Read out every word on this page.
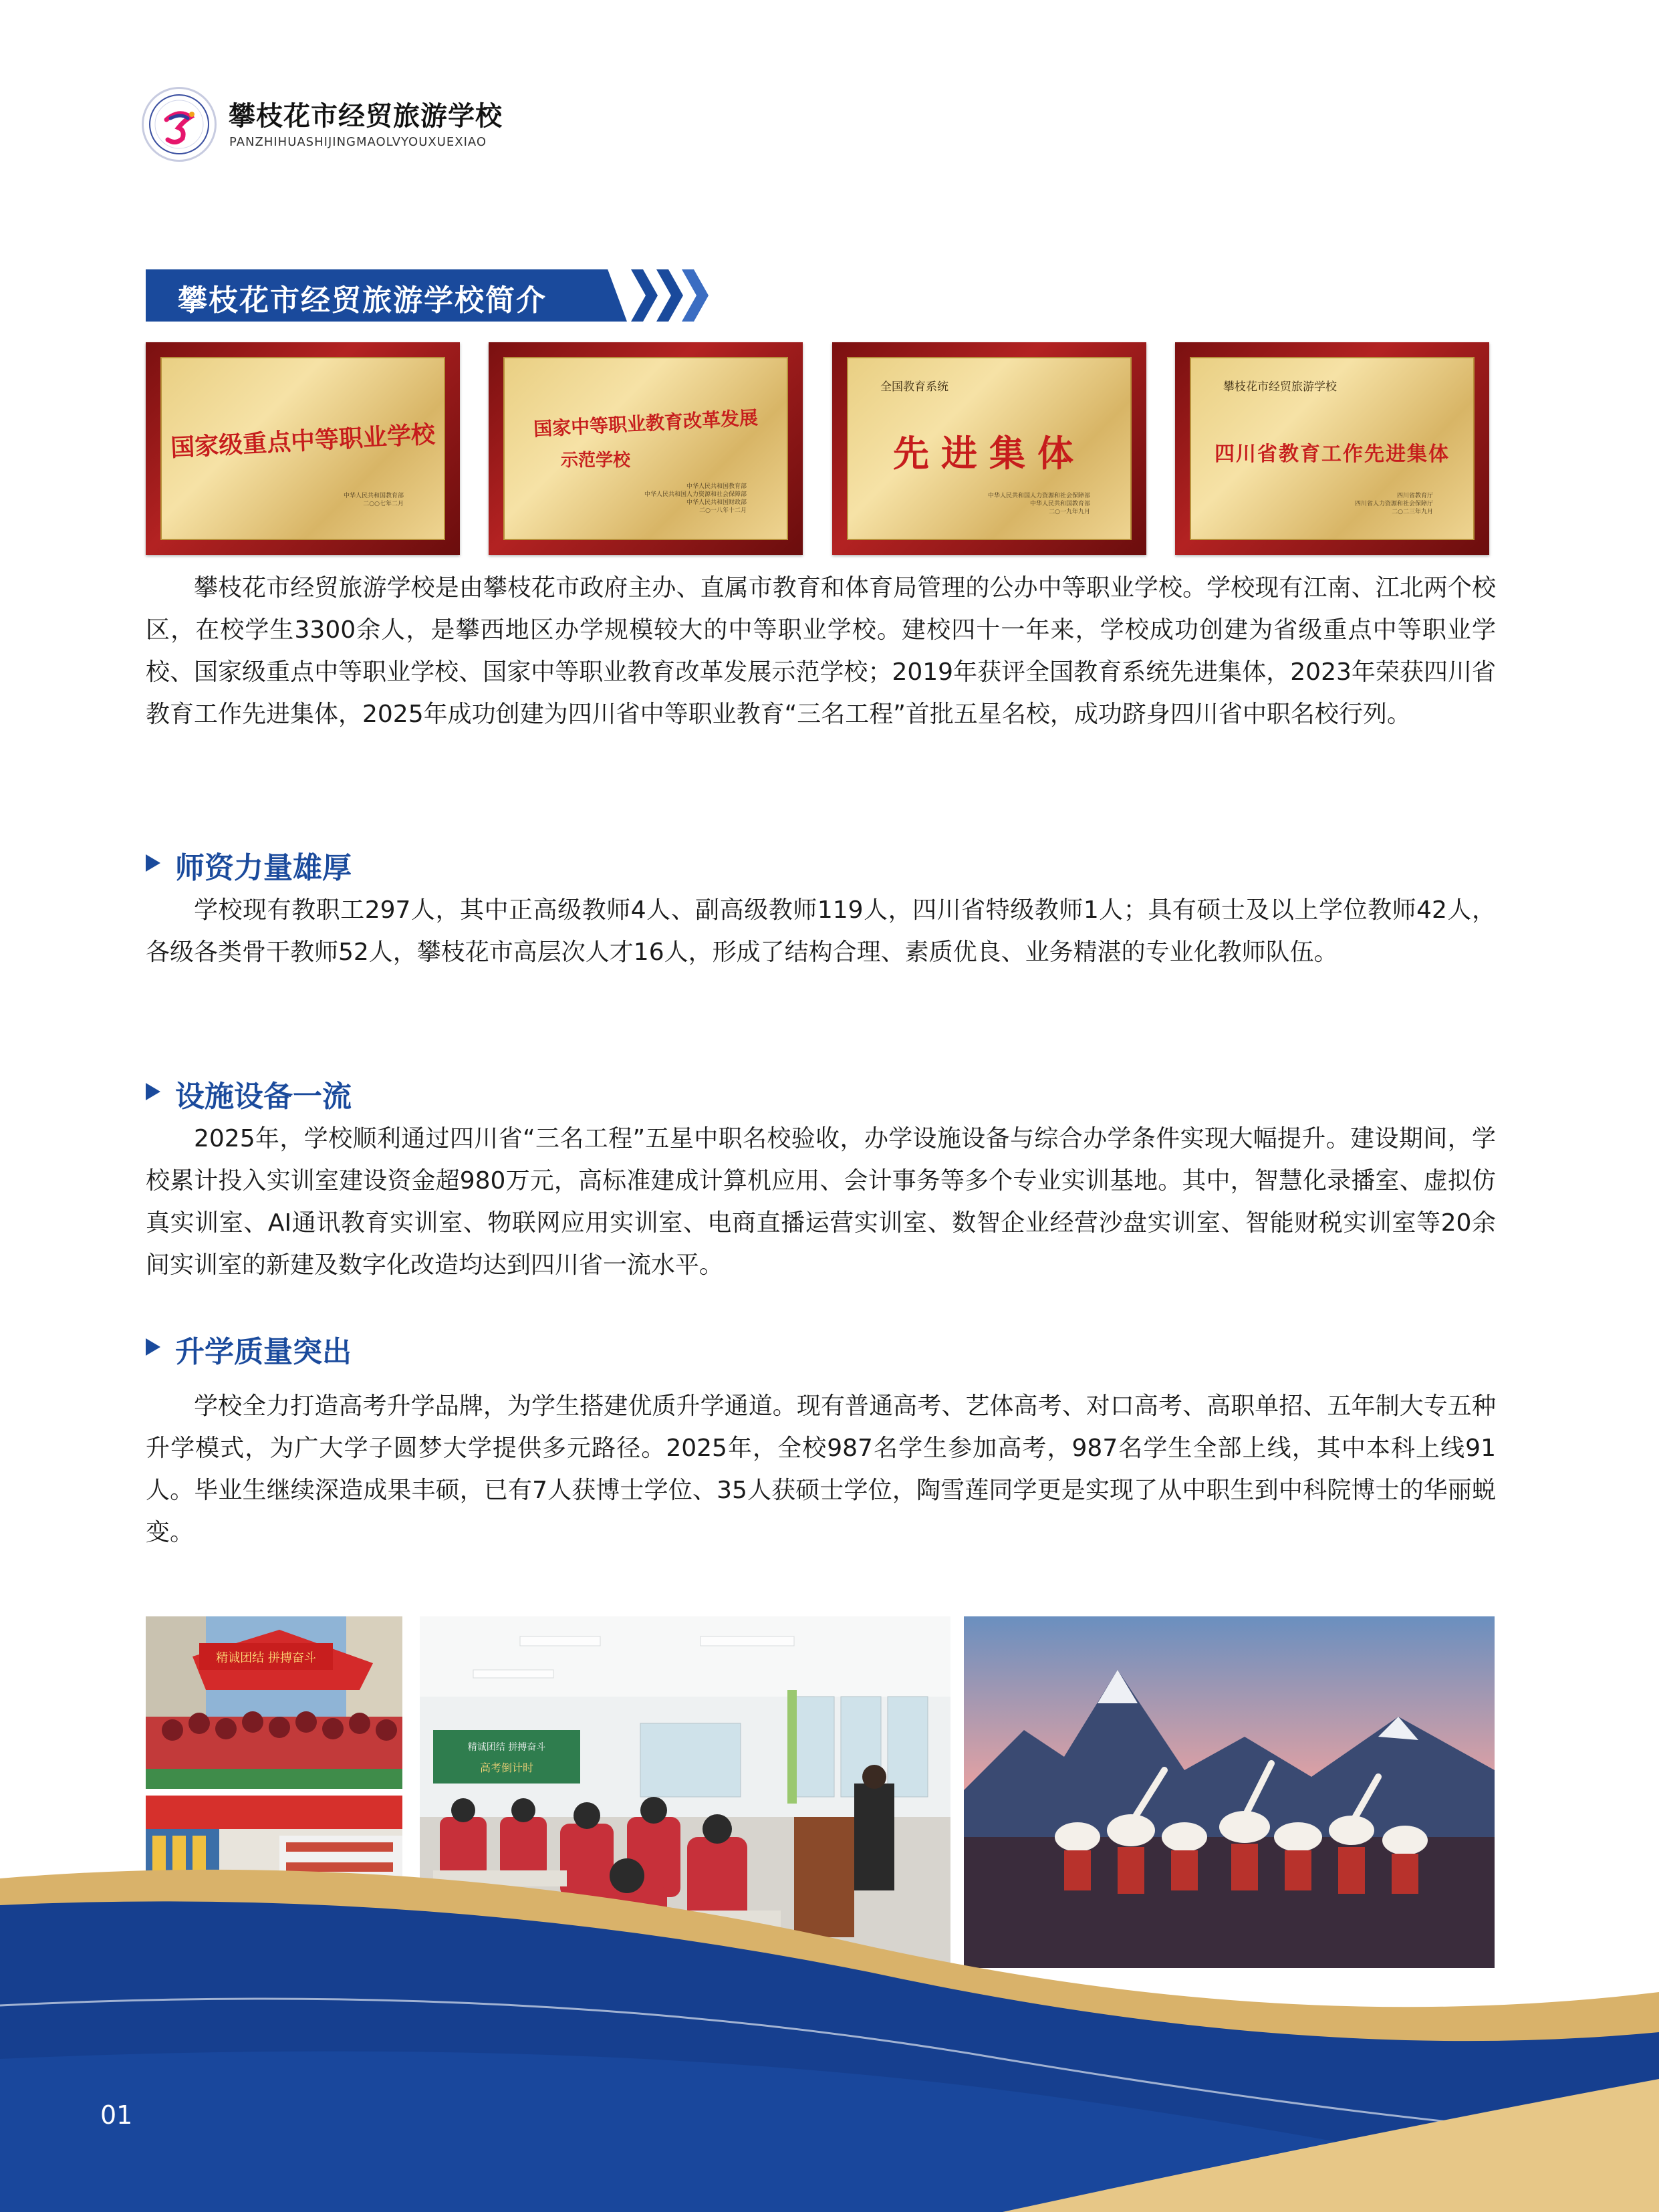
攀枝花市经贸旅游学校
PANZHIHUASHIJINGMAOLVYOUXUEXIAO
攀枝花市经贸旅游学校简介
国家级重点中等职业学校
中华人民共和国教育部
二○○七年二月
国家中等职业教育改革发展
示范学校
中华人民共和国教育部
中华人民共和国人力资源和社会保障部
中华人民共和国财政部
二○一八年十二月
全国教育系统
先进集体
中华人民共和国人力资源和社会保障部
中华人民共和国教育部
二○一九年九月
攀枝花市经贸旅游学校
四川省教育工作先进集体
四川省教育厅
四川省人力资源和社会保障厅
二○二三年九月

攀枝花市经贸旅游学校是由攀枝花市政府主办、直属市教育和体育局管理的公办中等职业学校。学校现有江南、江北两个校区，在校学生3300余人，是攀西地区办学规模较大的中等职业学校。建校四十一年来，学校成功创建为省级重点中等职业学校、国家级重点中等职业学校、国家中等职业教育改革发展示范学校；2019年获评全国教育系统先进集体，2023年荣获四川省教育工作先进集体，2025年成功创建为四川省中等职业教育“三名工程”首批五星名校，成功跻身四川省中职名校行列。

师资力量雄厚

学校现有教职工297人，其中正高级教师4人、副高级教师119人，四川省特级教师1人；具有硕士及以上学位教师42人，各级各类骨干教师52人，攀枝花市高层次人才16人，形成了结构合理、素质优良、业务精湛的专业化教师队伍。

设施设备一流

2025年，学校顺利通过四川省“三名工程”五星中职名校验收，办学设施设备与综合办学条件实现大幅提升。建设期间，学校累计投入实训室建设资金超980万元，高标准建成计算机应用、会计事务等多个专业实训基地。其中，智慧化录播室、虚拟仿真实训室、AI通讯教育实训室、物联网应用实训室、电商直播运营实训室、数智企业经营沙盘实训室、智能财税实训室等20余间实训室的新建及数字化改造均达到四川省一流水平。

升学质量突出

学校全力打造高考升学品牌，为学生搭建优质升学通道。现有普通高考、艺体高考、对口高考、高职单招、五年制大专五种升学模式，为广大学子圆梦大学提供多元路径。2025年，全校987名学生参加高考，987名学生全部上线，其中本科上线91人。毕业生继续深造成果丰硕，已有7人获博士学位、35人获硕士学位，陶雪莲同学更是实现了从中职生到中科院博士的华丽蜕变。

精诚团结 拼搏奋斗
精诚团结 拼搏奋斗
高考倒计时
01
